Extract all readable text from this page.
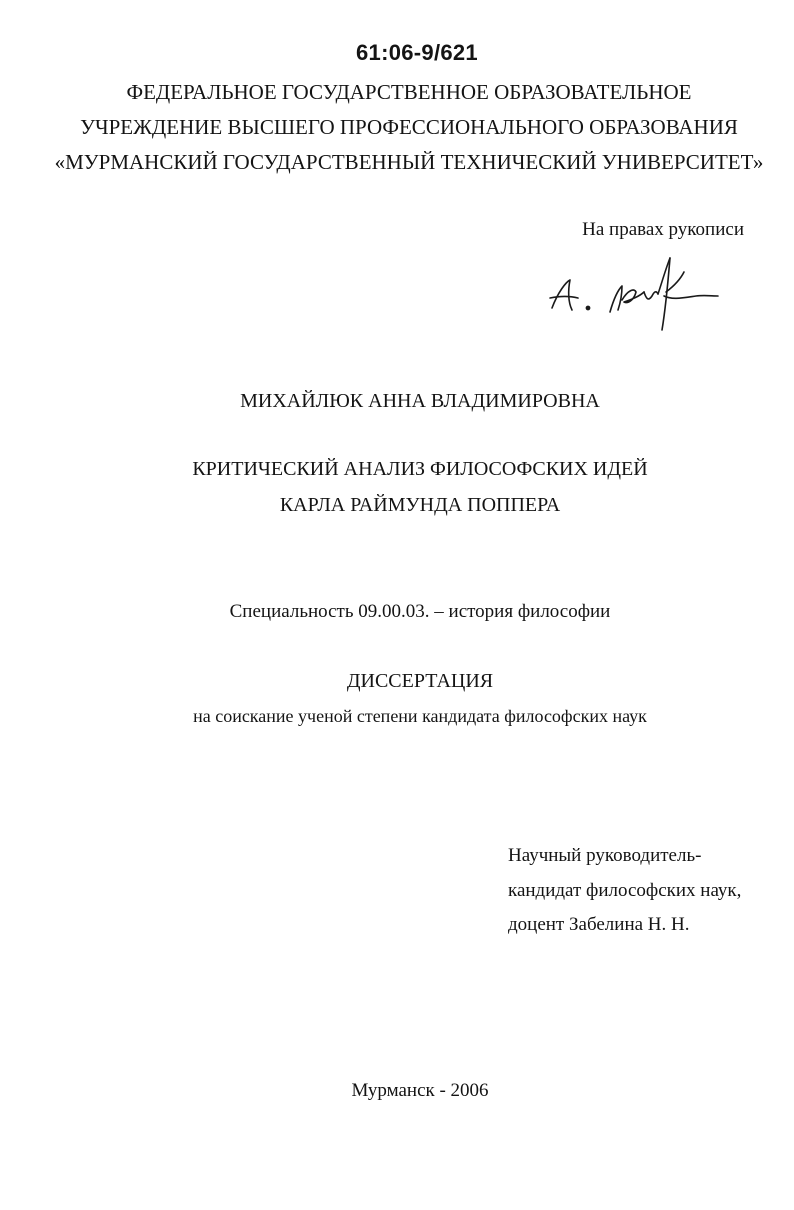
61:06-9/621
ФЕДЕРАЛЬНОЕ ГОСУДАРСТВЕННОЕ ОБРАЗОВАТЕЛЬНОЕ
УЧРЕЖДЕНИЕ ВЫСШЕГО ПРОФЕССИОНАЛЬНОГО ОБРАЗОВАНИЯ
«МУРМАНСКИЙ ГОСУДАРСТВЕННЫЙ ТЕХНИЧЕСКИЙ УНИВЕРСИТЕТ»
На правах рукописи
МИХАЙЛЮК АННА ВЛАДИМИРОВНА
КРИТИЧЕСКИЙ АНАЛИЗ ФИЛОСОФСКИХ ИДЕЙ
КАРЛА РАЙМУНДА ПОППЕРА
Специальность 09.00.03. – история философии
ДИССЕРТАЦИЯ
на соискание ученой степени кандидата философских наук
Научный руководитель-
кандидат философских наук,
доцент Забелина Н. Н.
Мурманск - 2006
